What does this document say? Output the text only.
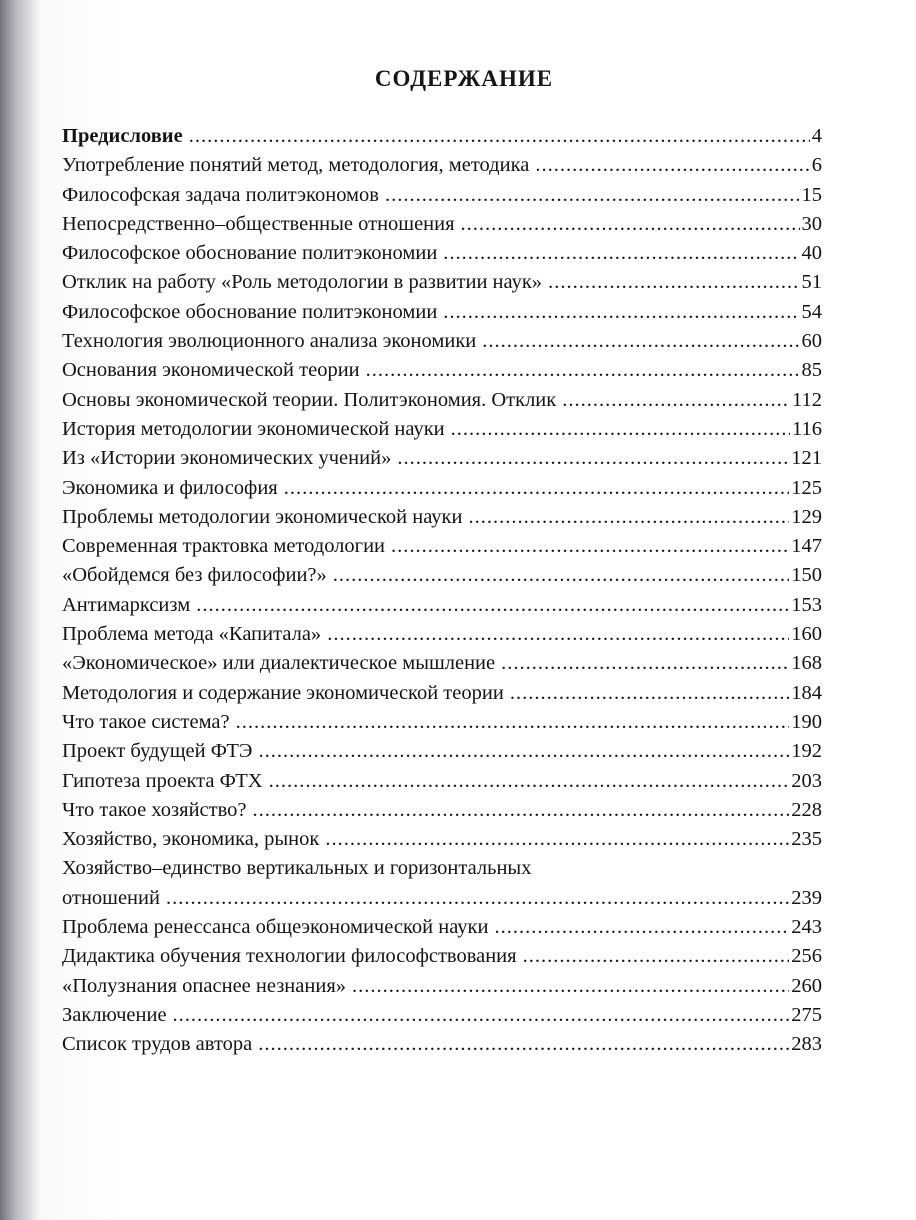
СОДЕРЖАНИЕ
Предисловие .....	4
Употребление понятий метод, методология, методика .....	6
Философская задача политэкономов .....	15
Непосредственно–общественные отношения .....	30
Философское обоснование политэкономии .....	40
Отклик на работу «Роль методологии в развитии наук» .....	51
Философское обоснование политэкономии .....	54
Технология эволюционного анализа экономики .....	60
Основания экономической теории .....	85
Основы экономической теории. Политэкономия. Отклик .....	112
История методологии экономической науки .....	116
Из «Истории экономических учений» .....	121
Экономика и философия .....	125
Проблемы методологии экономической науки .....	129
Современная трактовка методологии .....	147
«Обойдемся без философии?» .....	150
Антимарксизм .....	153
Проблема метода «Капитала» .....	160
«Экономическое» или диалектическое мышление .....	168
Методология и содержание экономической теории .....	184
Что такое система? .....	190
Проект будущей ФТЭ .....	192
Гипотеза проекта ФТХ .....	203
Что такое хозяйство? .....	228
Хозяйство, экономика, рынок .....	235
Хозяйство–единство вертикальных и горизонтальных
отношений .....	239
Проблема ренессанса общеэкономической науки .....	243
Дидактика обучения технологии философствования .....	256
«Полузнания опаснее незнания» .....	260
Заключение .....	275
Список трудов автора .....	283
